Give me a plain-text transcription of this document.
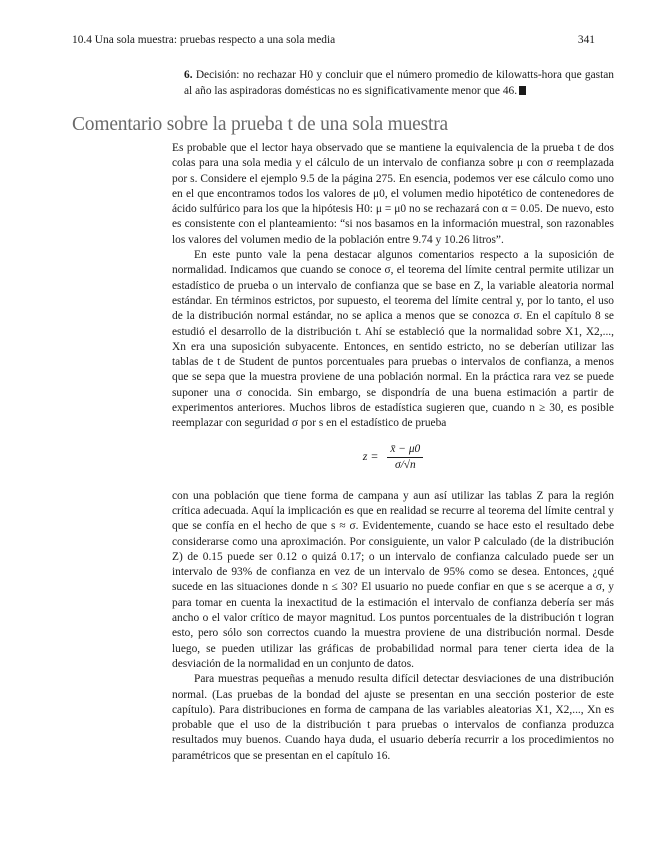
10.4 Una sola muestra: pruebas respecto a una sola media	341
6. Decisión: no rechazar H0 y concluir que el número promedio de kilowatts-hora que gastan al año las aspiradoras domésticas no es significativamente menor que 46.
Comentario sobre la prueba t de una sola muestra

Es probable que el lector haya observado que se mantiene la equivalencia de la prueba t de dos colas para una sola media y el cálculo de un intervalo de confianza sobre μ con σ reemplazada por s. Considere el ejemplo 9.5 de la página 275. En esencia, podemos ver ese cálculo como uno en el que encontramos todos los valores de μ0, el volumen medio hipotético de contenedores de ácido sulfúrico para los que la hipótesis H0: μ = μ0 no se rechazará con α = 0.05. De nuevo, esto es consistente con el planteamiento: “si nos basamos en la información muestral, son razonables los valores del volumen medio de la población entre 9.74 y 10.26 litros”.

En este punto vale la pena destacar algunos comentarios respecto a la suposición de normalidad. Indicamos que cuando se conoce σ, el teorema del límite central permite utilizar un estadístico de prueba o un intervalo de confianza que se base en Z, la variable aleatoria normal estándar. En términos estrictos, por supuesto, el teorema del límite central y, por lo tanto, el uso de la distribución normal estándar, no se aplica a menos que se conozca σ. En el capítulo 8 se estudió el desarrollo de la distribución t. Ahí se estableció que la normalidad sobre X1, X2,..., Xn era una suposición subyacente. Entonces, en sentido estricto, no se deberían utilizar las tablas de t de Student de puntos porcentuales para pruebas o intervalos de confianza, a menos que se sepa que la muestra proviene de una población normal. En la práctica rara vez se puede suponer una σ conocida. Sin embargo, se dispondría de una buena estimación a partir de experimentos anteriores. Muchos libros de estadística sugieren que, cuando n ≥ 30, es posible reemplazar con seguridad σ por s en el estadístico de prueba

$z = \frac{x̄ - \mu 0}{\sigma/√n}$

con una población que tiene forma de campana y aun así utilizar las tablas Z para la región crítica adecuada. Aquí la implicación es que en realidad se recurre al teorema del límite central y que se confía en el hecho de que s ≈ σ. Evidentemente, cuando se hace esto el resultado debe considerarse como una aproximación. Por consiguiente, un valor P calculado (de la distribución Z) de 0.15 puede ser 0.12 o quizá 0.17; o un intervalo de confianza calculado puede ser un intervalo de 93% de confianza en vez de un intervalo de 95% como se desea. Entonces, ¿qué sucede en las situaciones donde n ≤ 30? El usuario no puede confiar en que s se acerque a σ, y para tomar en cuenta la inexactitud de la estimación el intervalo de confianza debería ser más ancho o el valor crítico de mayor magnitud. Los puntos porcentuales de la distribución t logran esto, pero sólo son correctos cuando la muestra proviene de una distribución normal. Desde luego, se pueden utilizar las gráficas de probabilidad normal para tener cierta idea de la desviación de la normalidad en un conjunto de datos.

Para muestras pequeñas a menudo resulta difícil detectar desviaciones de una distribución normal. (Las pruebas de la bondad del ajuste se presentan en una sección posterior de este capítulo). Para distribuciones en forma de campana de las variables aleatorias X1, X2,..., Xn es probable que el uso de la distribución t para pruebas o intervalos de confianza produzca resultados muy buenos. Cuando haya duda, el usuario debería recurrir a los procedimientos no paramétricos que se presentan en el capítulo 16.
